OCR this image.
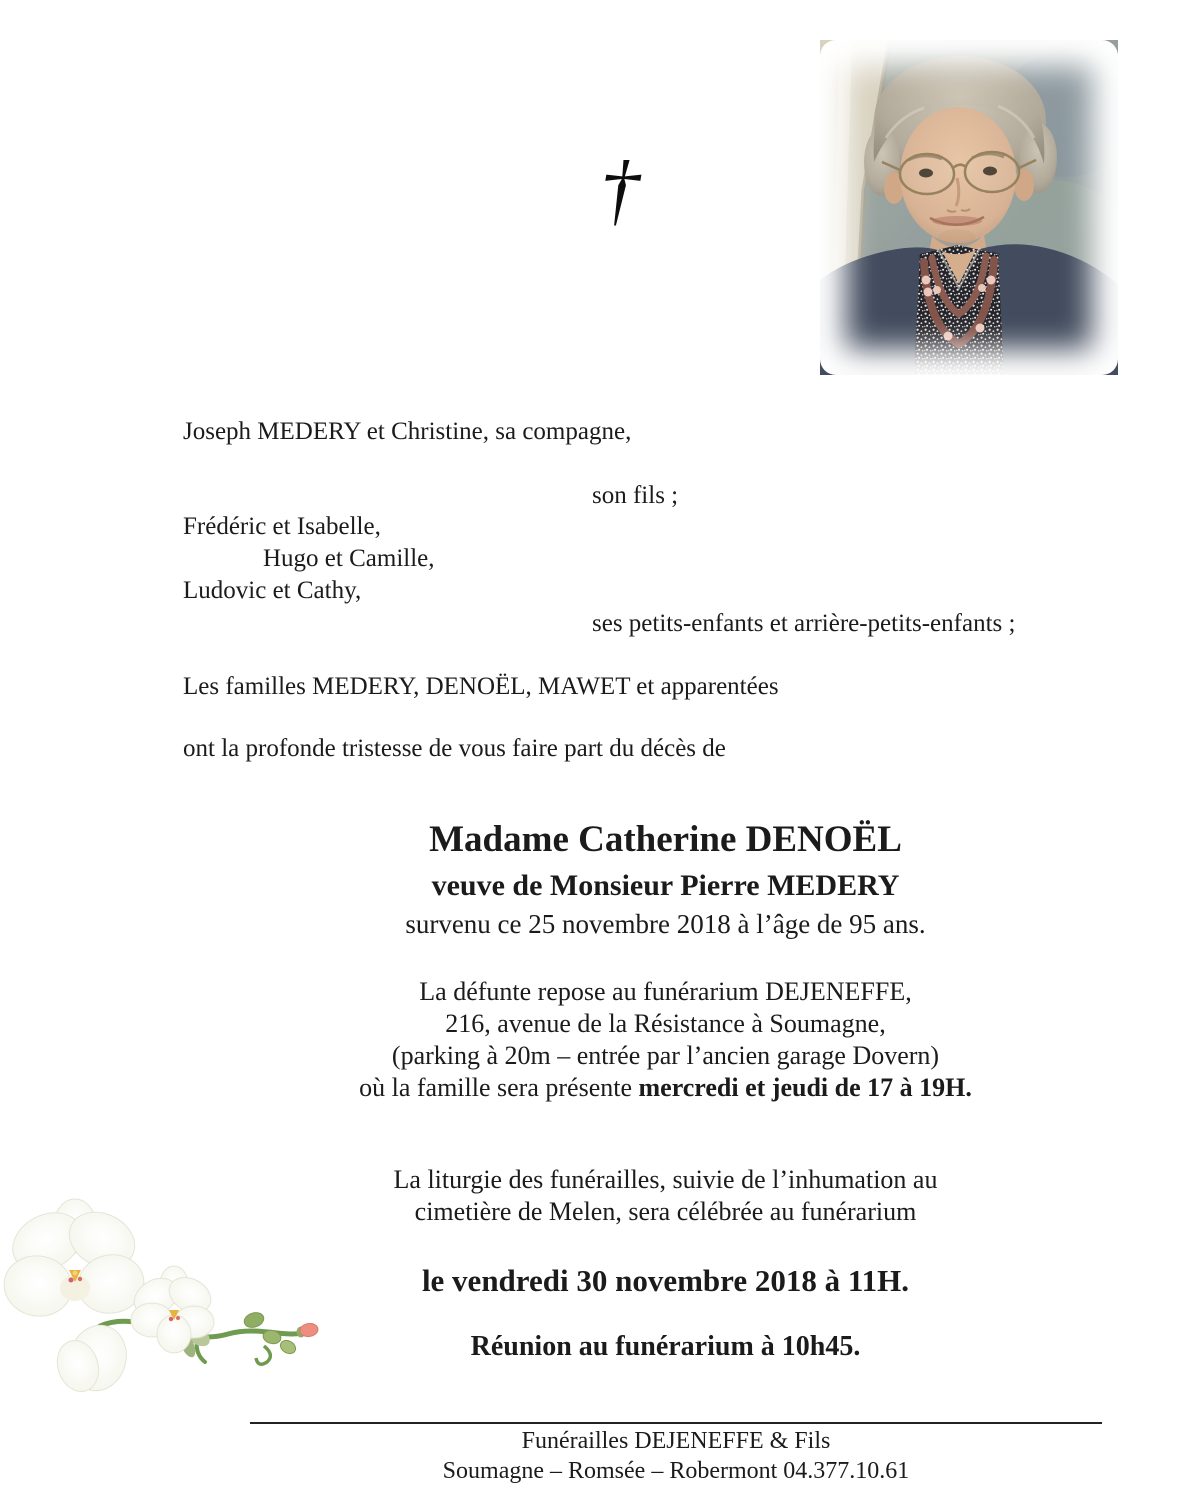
†
Joseph MEDERY et Christine, sa compagne,
son fils ;
Frédéric et Isabelle,
Hugo et Camille,
Ludovic et Cathy,
ses petits-enfants et arrière-petits-enfants ;
Les familles MEDERY, DENOËL, MAWET et apparentées
ont la profonde tristesse de vous faire part du décès de
Madame Catherine DENOËL
veuve de Monsieur Pierre MEDERY
survenu ce 25 novembre 2018 à l’âge de 95 ans.
La défunte repose au funérarium DEJENEFFE,
216, avenue de la Résistance à Soumagne,
(parking à 20m – entrée par l’ancien garage Dovern)
où la famille sera présente mercredi et jeudi de 17 à 19H.
La liturgie des funérailles, suivie de l’inhumation au
cimetière de Melen, sera célébrée au funérarium
le vendredi 30 novembre 2018 à 11H.
Réunion au funérarium à 10h45.
Funérailles DEJENEFFE & Fils
Soumagne – Romsée – Robermont 04.377.10.61
